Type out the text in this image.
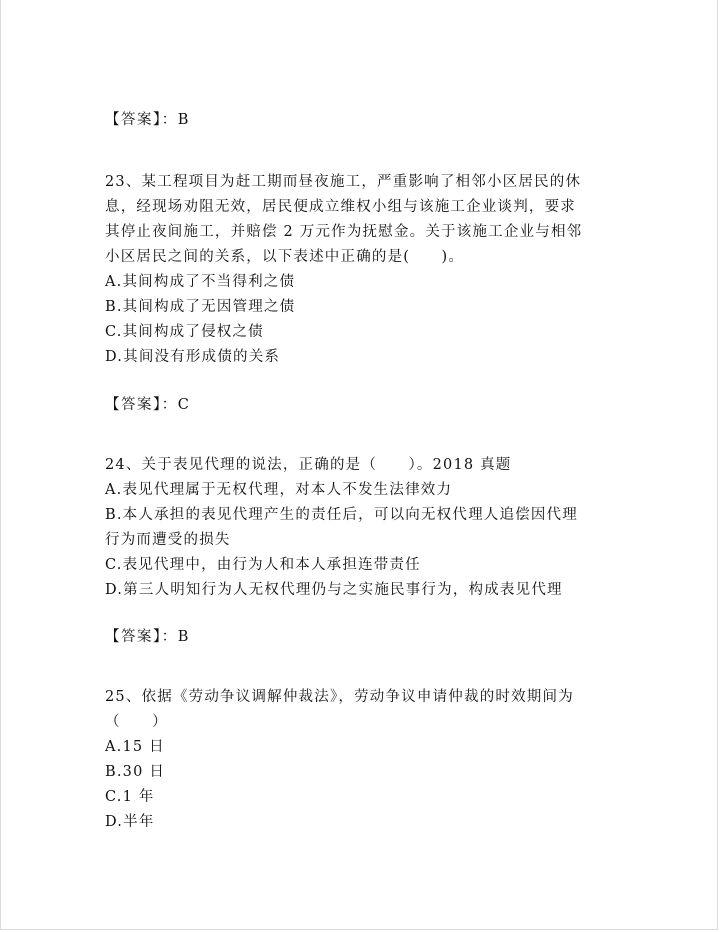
【答案】：B
23、某工程项目为赶工期而昼夜施工，严重影响了相邻小区居民的休
息，经现场劝阻无效，居民便成立维权小组与该施工企业谈判，要求
其停止夜间施工，并赔偿 2 万元作为抚慰金。关于该施工企业与相邻
小区居民之间的关系，以下表述中正确的是(　　)。
A.其间构成了不当得利之债
B.其间构成了无因管理之债
C.其间构成了侵权之债
D.其间没有形成债的关系
【答案】：C
24、关于表见代理的说法，正确的是（　　）。2018 真题
A.表见代理属于无权代理，对本人不发生法律效力
B.本人承担的表见代理产生的责任后，可以向无权代理人追偿因代理
行为而遭受的损失
C.表见代理中，由行为人和本人承担连带责任
D.第三人明知行为人无权代理仍与之实施民事行为，构成表见代理
【答案】：B
25、依据《劳动争议调解仲裁法》，劳动争议申请仲裁的时效期间为
（　　）
A.15 日
B.30 日
C.1 年
D.半年
